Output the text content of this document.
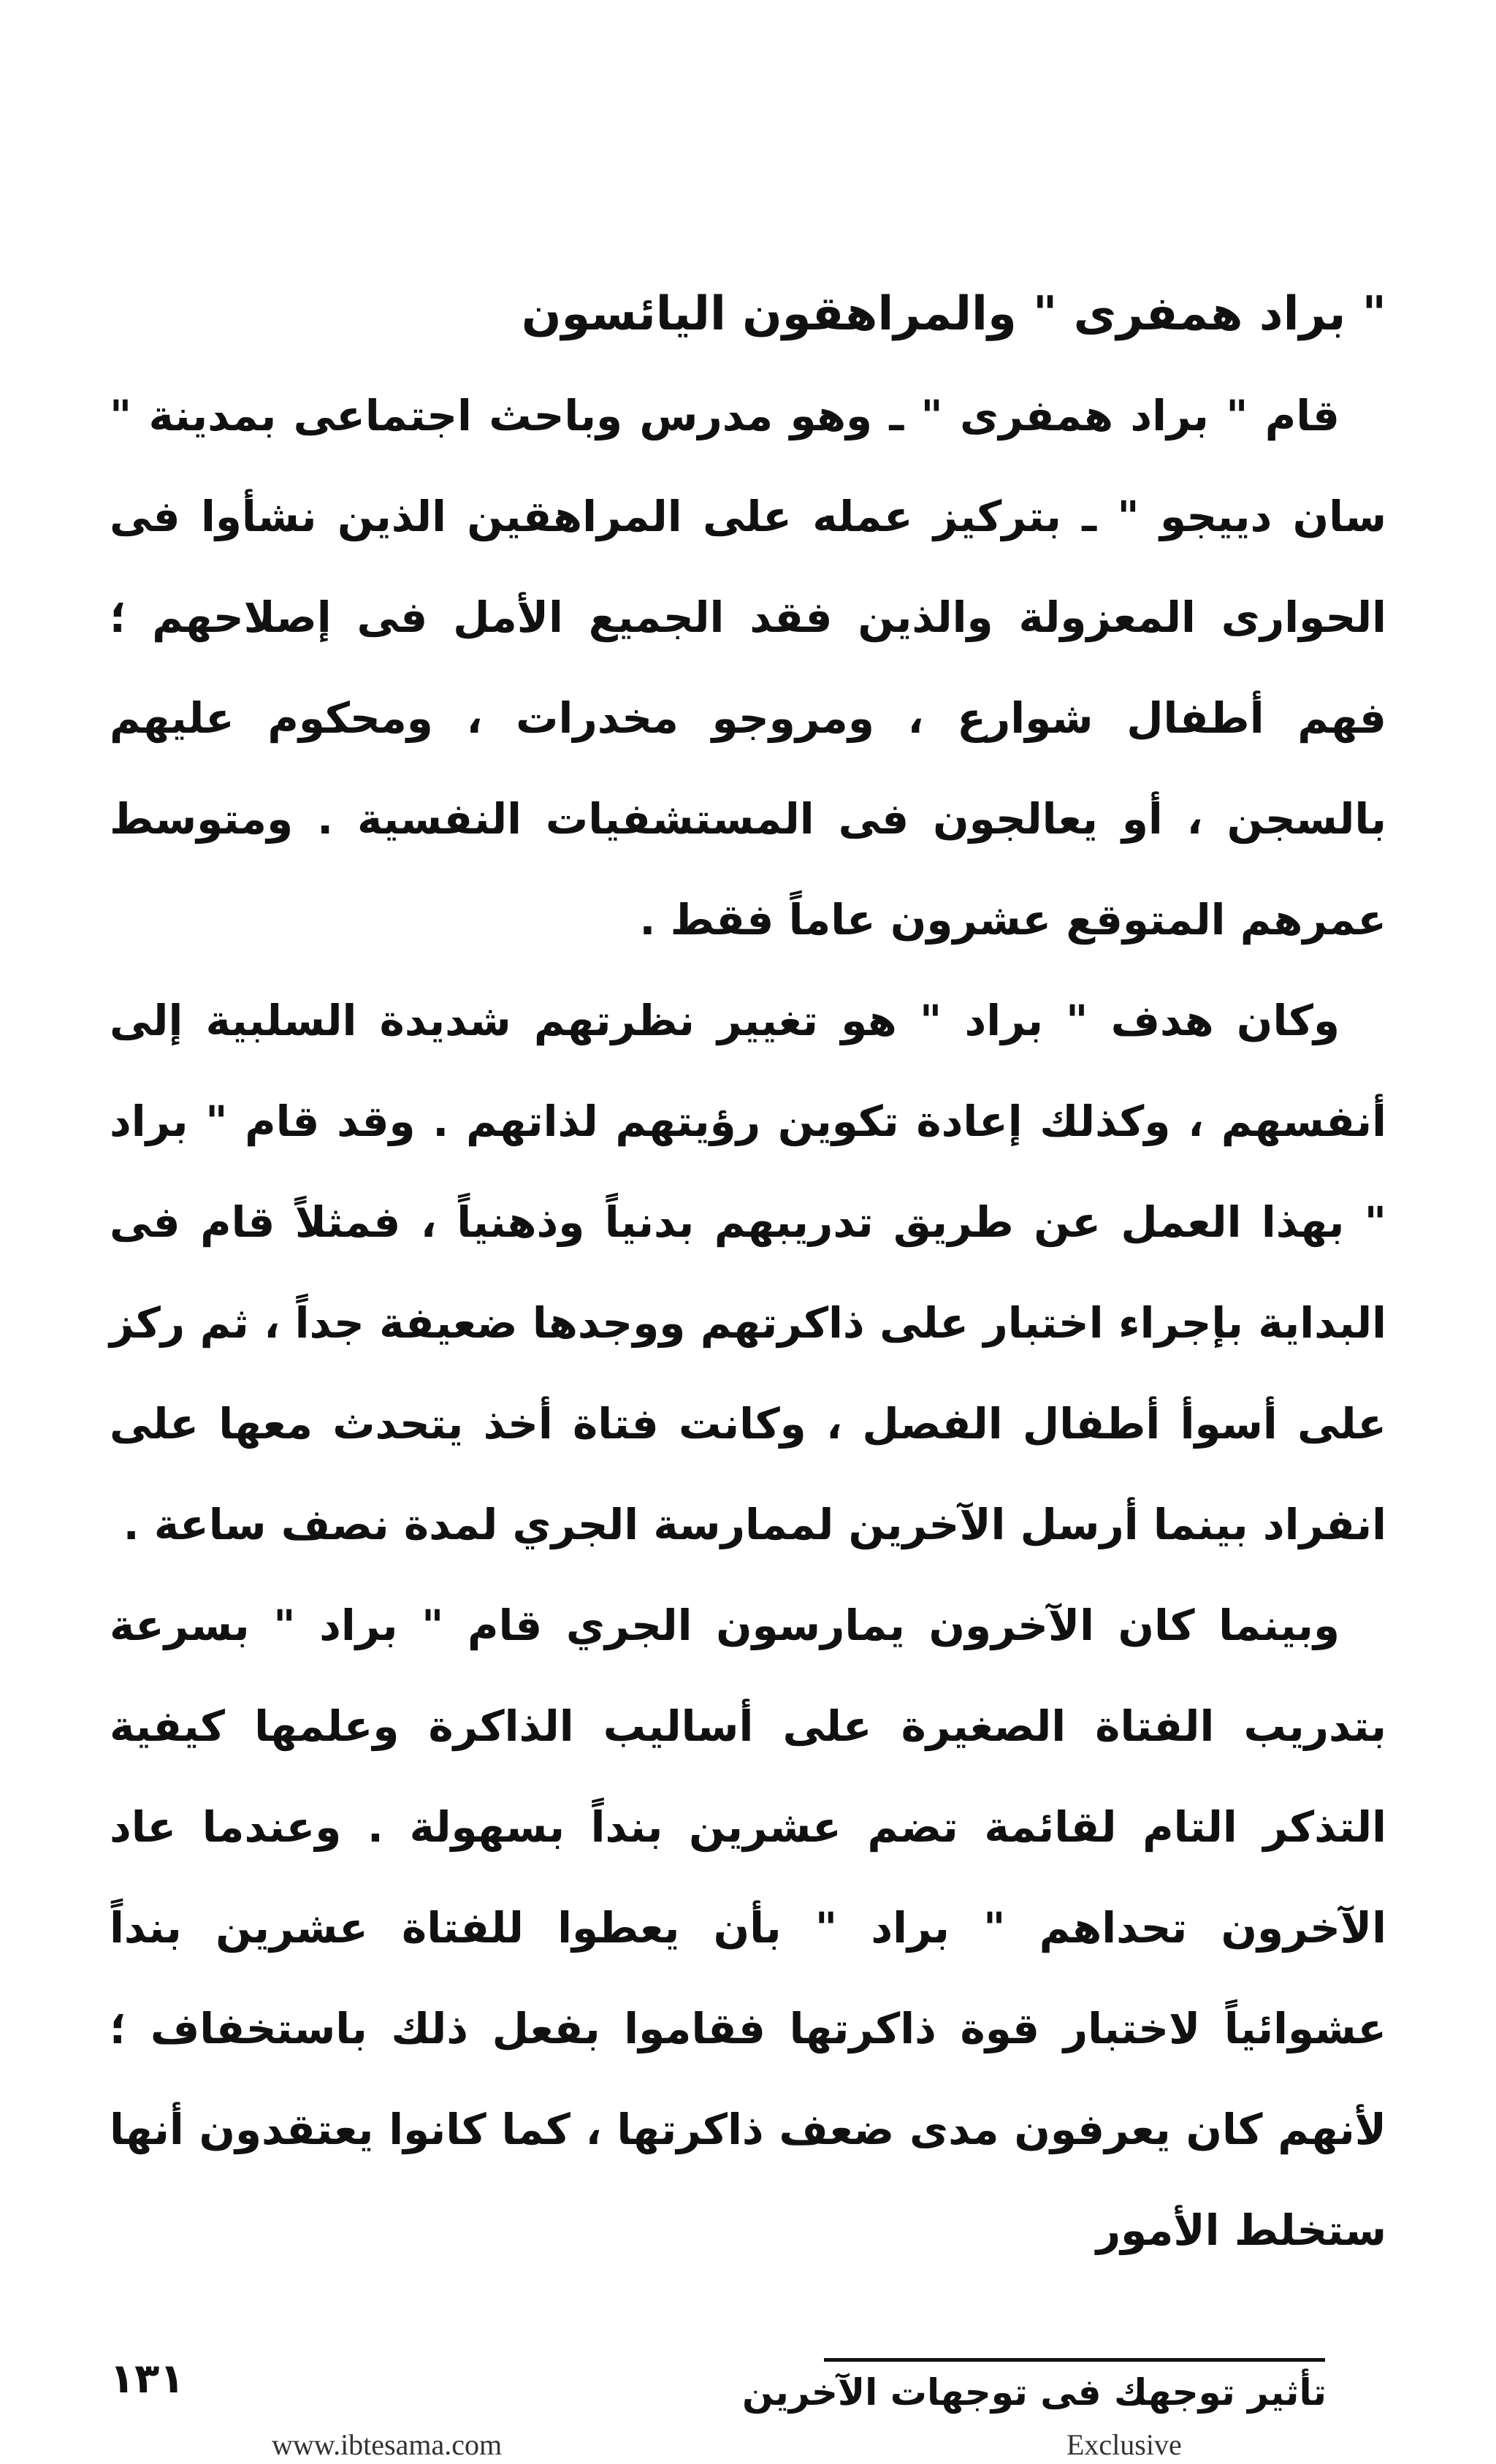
" براد همفرى " والمراهقون اليائسون

قام " براد همفرى " ـ وهو مدرس وباحث اجتماعى بمدينة " سان دييجو " ـ بتركيز عمله على المراهقين الذين نشأوا فى الحوارى المعزولة والذين فقد الجميع الأمل فى إصلاحهم ؛ فهم أطفال شوارع ، ومروجو مخدرات ، ومحكوم عليهم بالسجن ، أو يعالجون فى المستشفيات النفسية . ومتوسط عمرهم المتوقع عشرون عاماً فقط .

وكان هدف " براد " هو تغيير نظرتهم شديدة السلبية إلى أنفسهم ، وكذلك إعادة تكوين رؤيتهم لذاتهم . وقد قام " براد " بهذا العمل عن طريق تدريبهم بدنياً وذهنياً ، فمثلاً قام فى البداية بإجراء اختبار على ذاكرتهم ووجدها ضعيفة جداً ، ثم ركز على أسوأ أطفال الفصل ، وكانت فتاة أخذ يتحدث معها على انفراد بينما أرسل الآخرين لممارسة الجري لمدة نصف ساعة .

وبينما كان الآخرون يمارسون الجري قام " براد " بسرعة بتدريب الفتاة الصغيرة على أساليب الذاكرة وعلمها كيفية التذكر التام لقائمة تضم عشرين بنداً بسهولة . وعندما عاد الآخرون تحداهم " براد " بأن يعطوا للفتاة عشرين بنداً عشوائياً لاختبار قوة ذاكرتها فقاموا بفعل ذلك باستخفاف ؛ لأنهم كان يعرفون مدى ضعف ذاكرتها ، كما كانوا يعتقدون أنها ستخلط الأمور

تأثير توجهك فى توجهات الآخرين
١٣١
www.ibtesama.com	Exclusive
